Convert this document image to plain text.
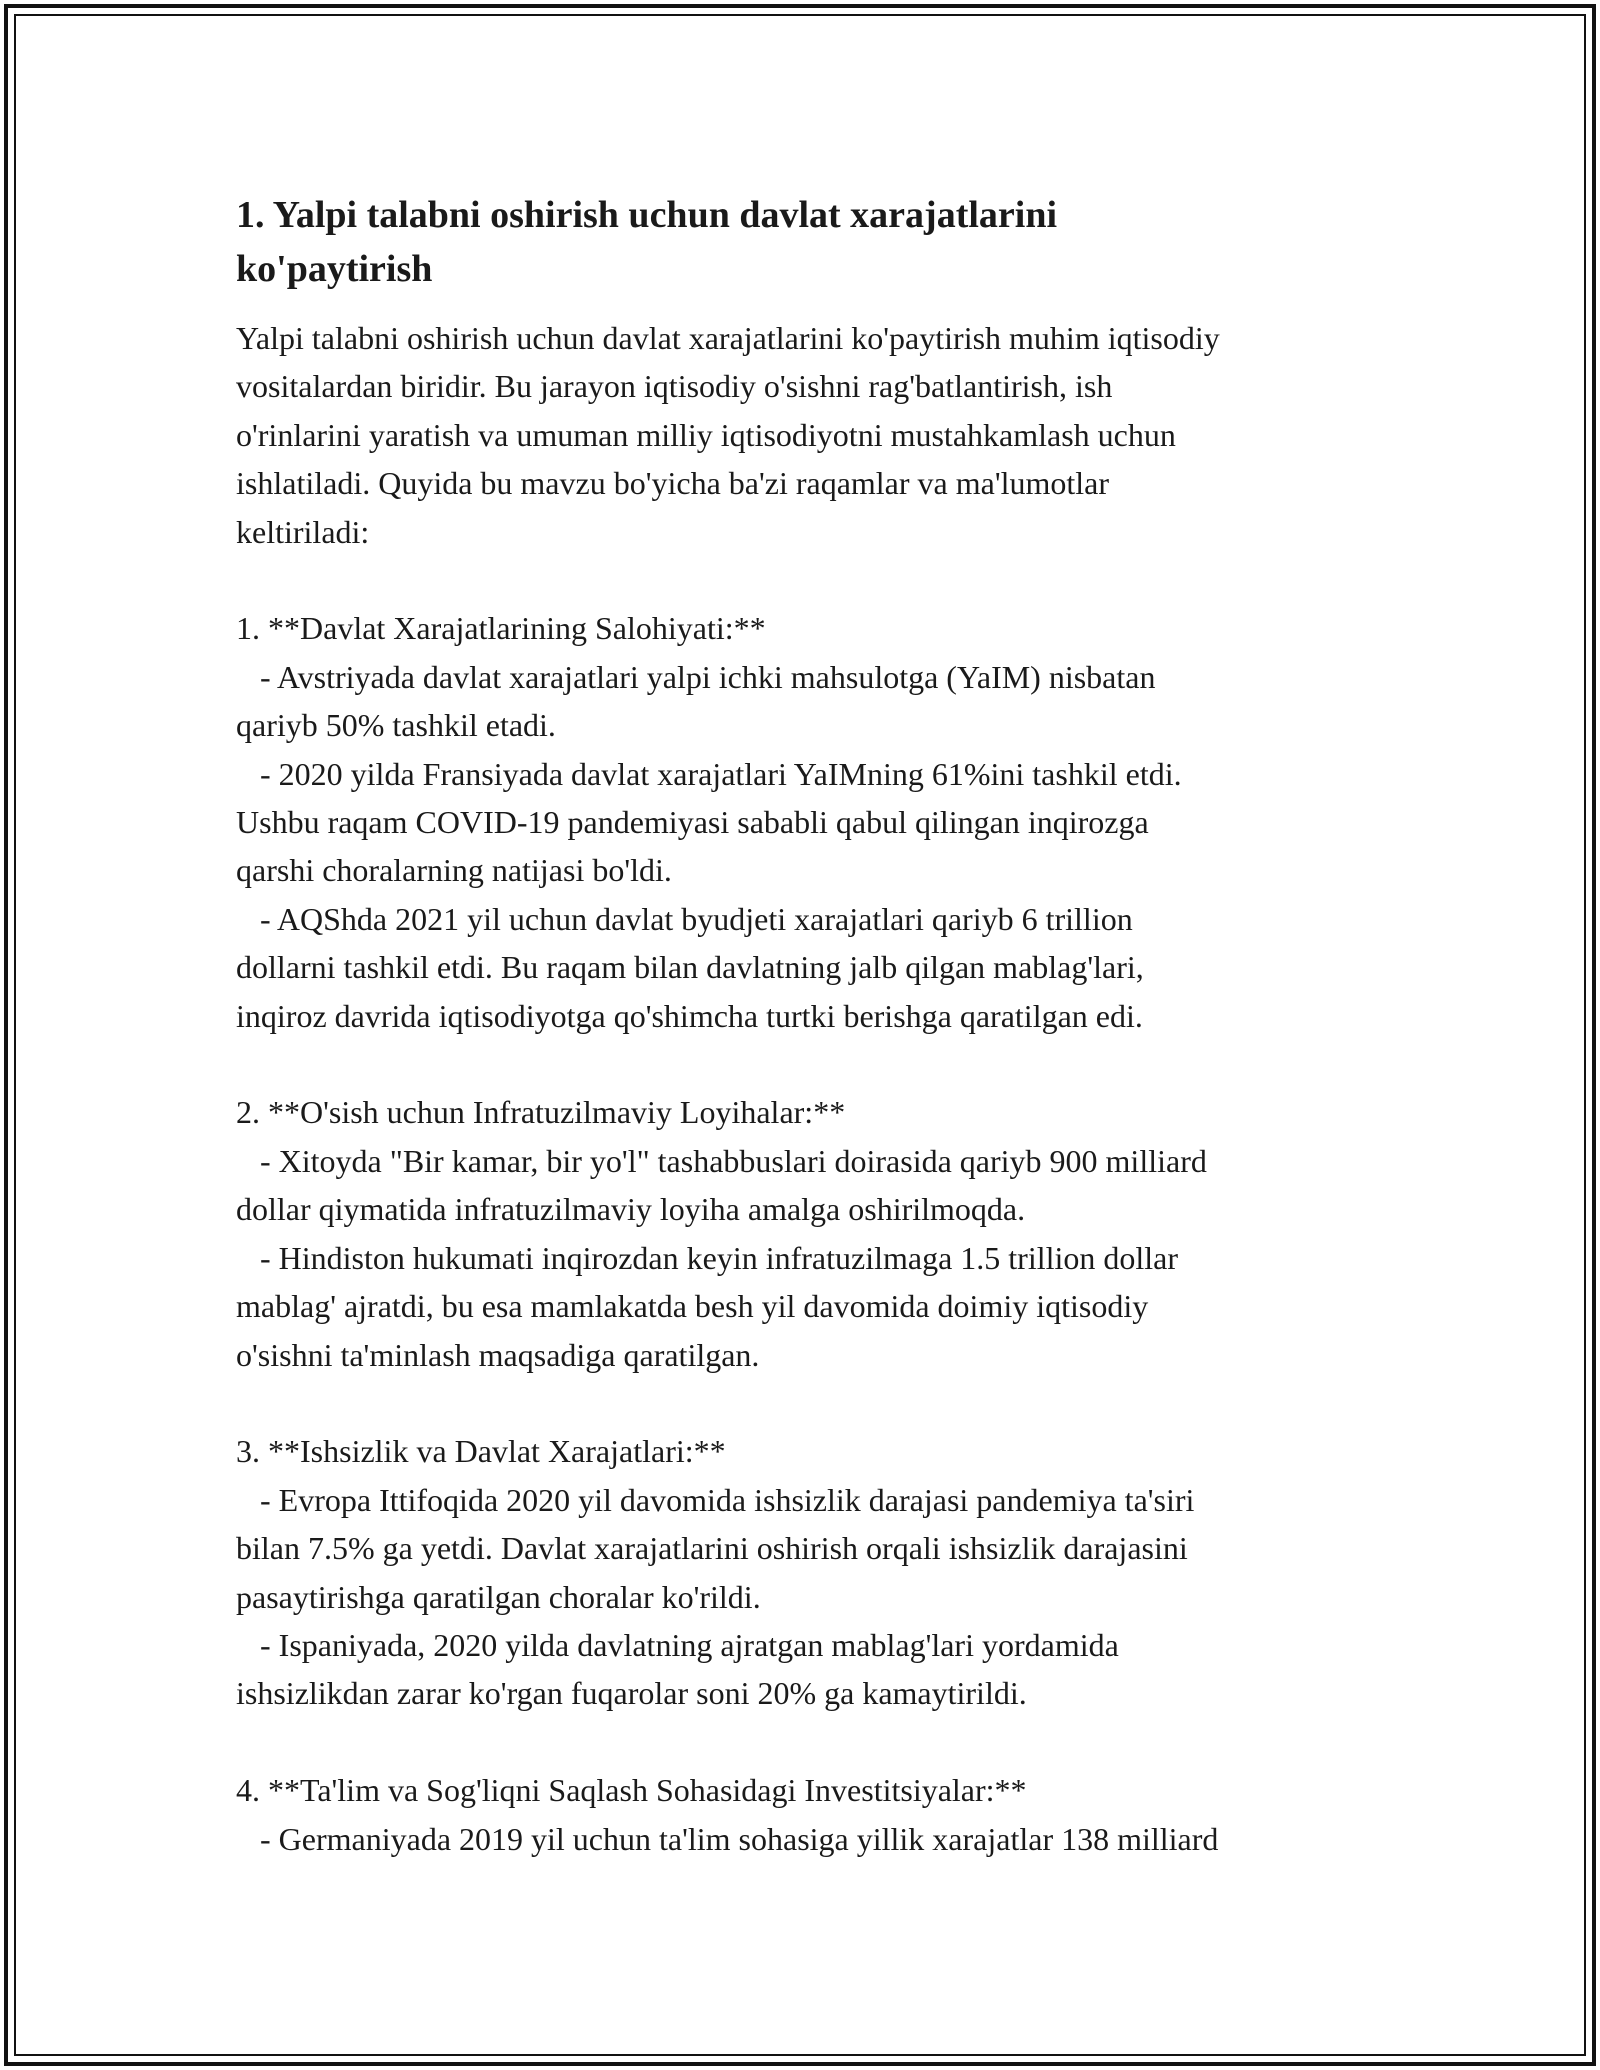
1. Yalpi talabni oshirish uchun davlat xarajatlarini ko'paytirish

Yalpi talabni oshirish uchun davlat xarajatlarini ko'paytirish muhim iqtisodiy
vositalardan biridir. Bu jarayon iqtisodiy o'sishni rag'batlantirish, ish
o'rinlarini yaratish va umuman milliy iqtisodiyotni mustahkamlash uchun
ishlatiladi. Quyida bu mavzu bo'yicha ba'zi raqamlar va ma'lumotlar
keltiriladi:

1. **Davlat Xarajatlarining Salohiyati:**
- Avstriyada davlat xarajatlari yalpi ichki mahsulotga (YaIM) nisbatan
qariyb 50% tashkil etadi.
- 2020 yilda Fransiyada davlat xarajatlari YaIMning 61%ini tashkil etdi.
Ushbu raqam COVID-19 pandemiyasi sababli qabul qilingan inqirozga
qarshi choralarning natijasi bo'ldi.
- AQShda 2021 yil uchun davlat byudjeti xarajatlari qariyb 6 trillion
dollarni tashkil etdi. Bu raqam bilan davlatning jalb qilgan mablag'lari,
inqiroz davrida iqtisodiyotga qo'shimcha turtki berishga qaratilgan edi.

2. **O'sish uchun Infratuzilmaviy Loyihalar:**
- Xitoyda "Bir kamar, bir yo'l" tashabbuslari doirasida qariyb 900 milliard
dollar qiymatida infratuzilmaviy loyiha amalga oshirilmoqda.
- Hindiston hukumati inqirozdan keyin infratuzilmaga 1.5 trillion dollar
mablag' ajratdi, bu esa mamlakatda besh yil davomida doimiy iqtisodiy
o'sishni ta'minlash maqsadiga qaratilgan.

3. **Ishsizlik va Davlat Xarajatlari:**
- Evropa Ittifoqida 2020 yil davomida ishsizlik darajasi pandemiya ta'siri
bilan 7.5% ga yetdi. Davlat xarajatlarini oshirish orqali ishsizlik darajasini
pasaytirishga qaratilgan choralar ko'rildi.
- Ispaniyada, 2020 yilda davlatning ajratgan mablag'lari yordamida
ishsizlikdan zarar ko'rgan fuqarolar soni 20% ga kamaytirildi.

4. **Ta'lim va Sog'liqni Saqlash Sohasidagi Investitsiyalar:**
- Germaniyada 2019 yil uchun ta'lim sohasiga yillik xarajatlar 138 milliard
